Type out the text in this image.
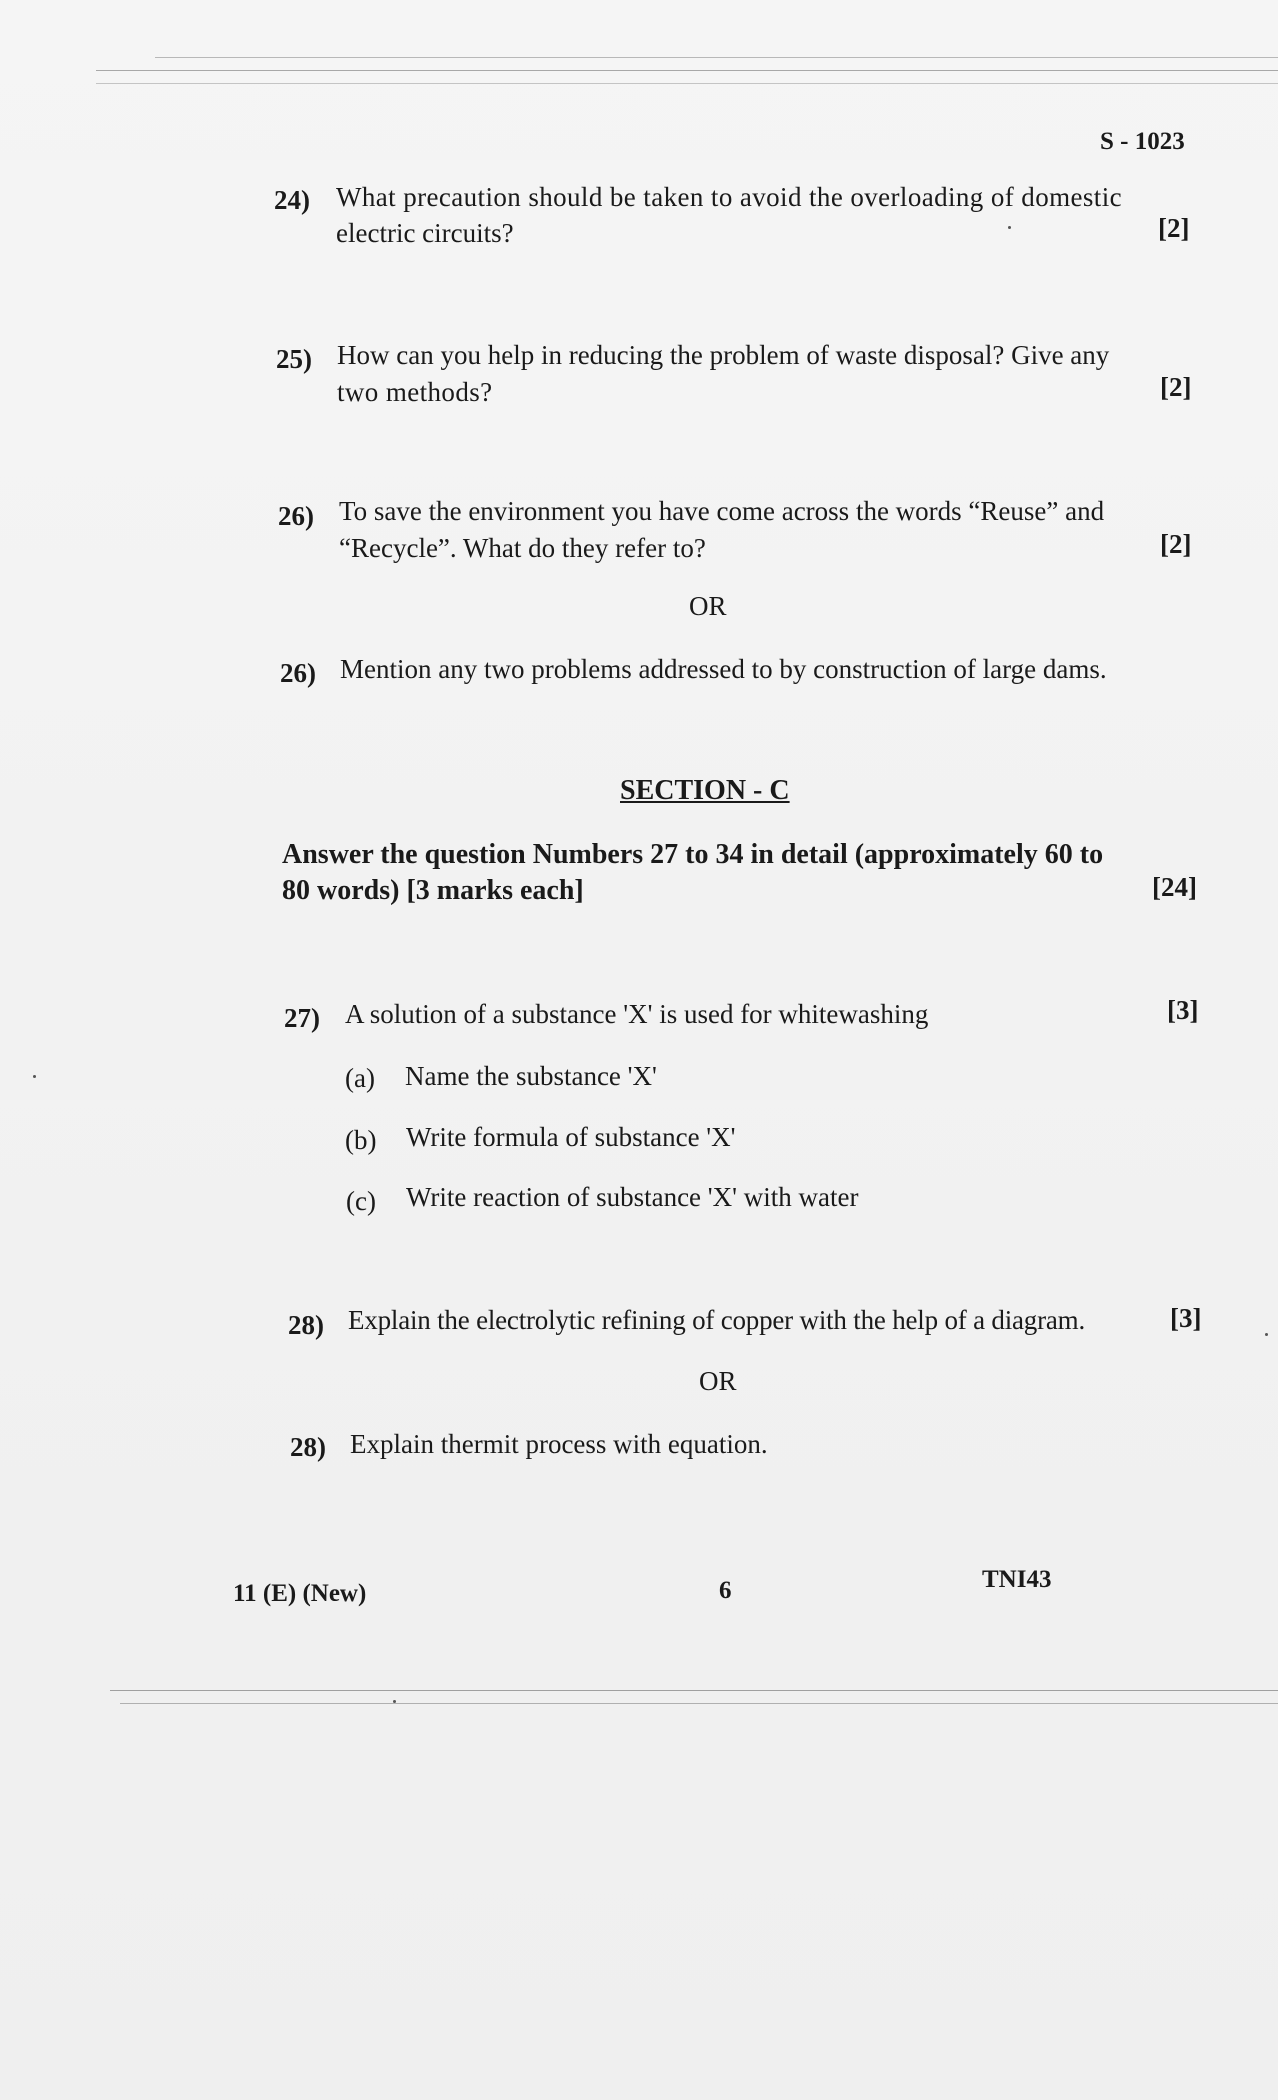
S - 1023
24) What precaution should be taken to avoid the overloading of domestic
electric circuits?	[2]
25) How can you help in reducing the problem of waste disposal? Give any
two methods?	[2]
26) To save the environment you have come across the words “Reuse” and
“Recycle”. What do they refer to?	[2]
OR
26) Mention any two problems addressed to by construction of large dams.
SECTION - C
Answer the question Numbers 27 to 34 in detail (approximately 60 to
80 words) [3 marks each]	[24]
27) A solution of a substance 'X' is used for whitewashing	[3]
(a) Name the substance 'X'
(b) Write formula of substance 'X'
(c) Write reaction of substance 'X' with water
28) Explain the electrolytic refining of copper with the help of a diagram.	[3]
OR
28) Explain thermit process with equation.
11 (E) (New)	6	TNI43
